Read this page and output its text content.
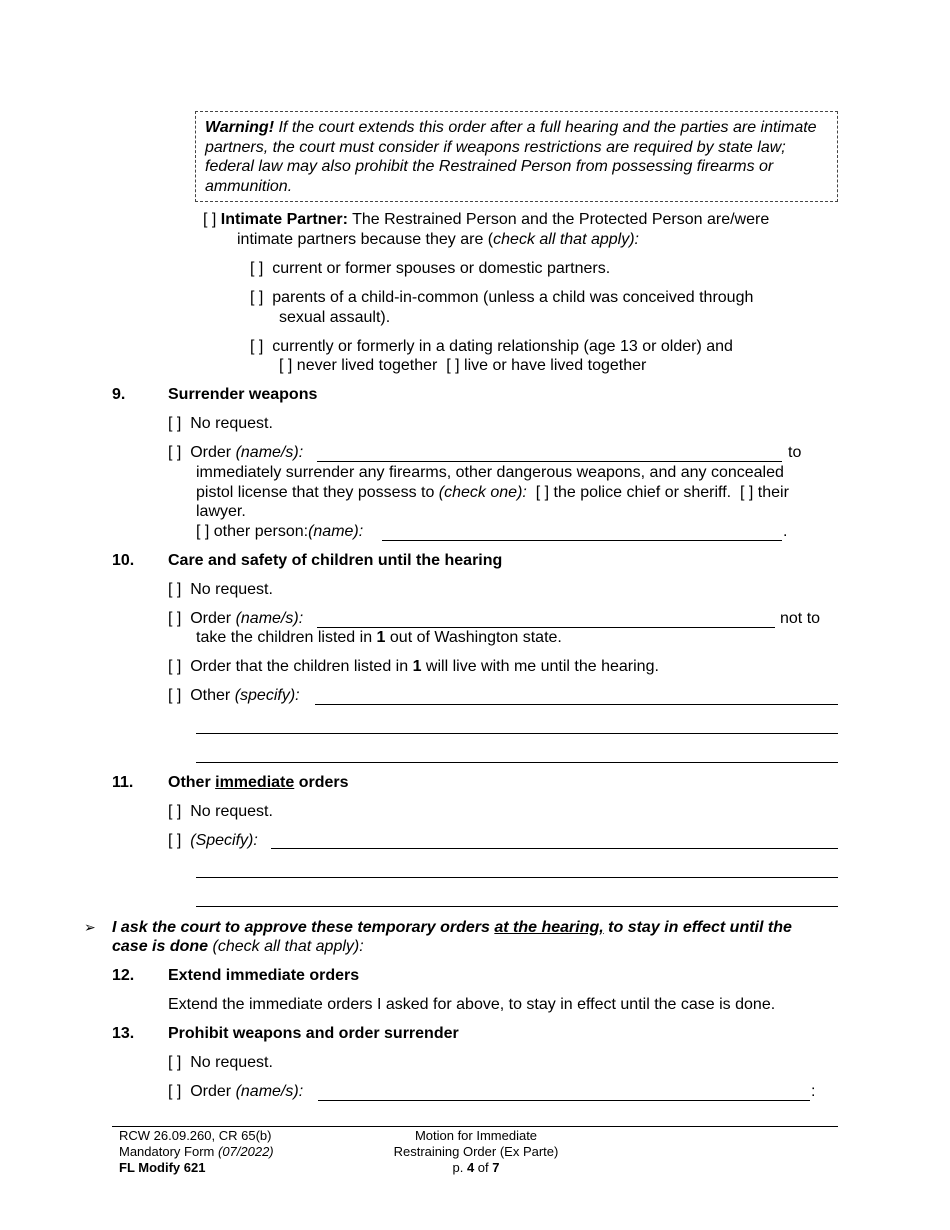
Warning! If the court extends this order after a full hearing and the parties are intimate partners, the court must consider if weapons restrictions are required by state law; federal law may also prohibit the Restrained Person from possessing firearms or ammunition.
[ ] Intimate Partner: The Restrained Person and the Protected Person are/were
intimate partners because they are (check all that apply):
[ ] current or former spouses or domestic partners.
[ ] parents of a child-in-common (unless a child was conceived through
sexual assault).
[ ] currently or formerly in a dating relationship (age 13 or older) and
[ ] never lived together [ ] live or have lived together
9.	Surrender weapons
[ ] No request.
[ ] Order (name/s):	to
immediately surrender any firearms, other dangerous weapons, and any concealed
pistol license that they possess to (check one): [ ] the police chief or sheriff. [ ] their
lawyer.
[ ] other person:(name):	.
10. Care and safety of children until the hearing
[ ] No request.
[ ] Order (name/s):	not to
take the children listed in 1 out of Washington state.
[ ] Order that the children listed in 1 will live with me until the hearing.
[ ] Other (specify):
11. Other immediate orders
[ ] No request.
[ ] (Specify):
➢ I ask the court to approve these temporary orders at the hearing, to stay in effect until the
case is done (check all that apply):
12. Extend immediate orders
Extend the immediate orders I asked for above, to stay in effect until the case is done.
13. Prohibit weapons and order surrender
[ ] No request.
[ ] Order (name/s):	:
RCW 26.09.260, CR 65(b)
Mandatory Form (07/2022)
FL Modify 621
Motion for Immediate
Restraining Order (Ex Parte)
p. 4 of 7
